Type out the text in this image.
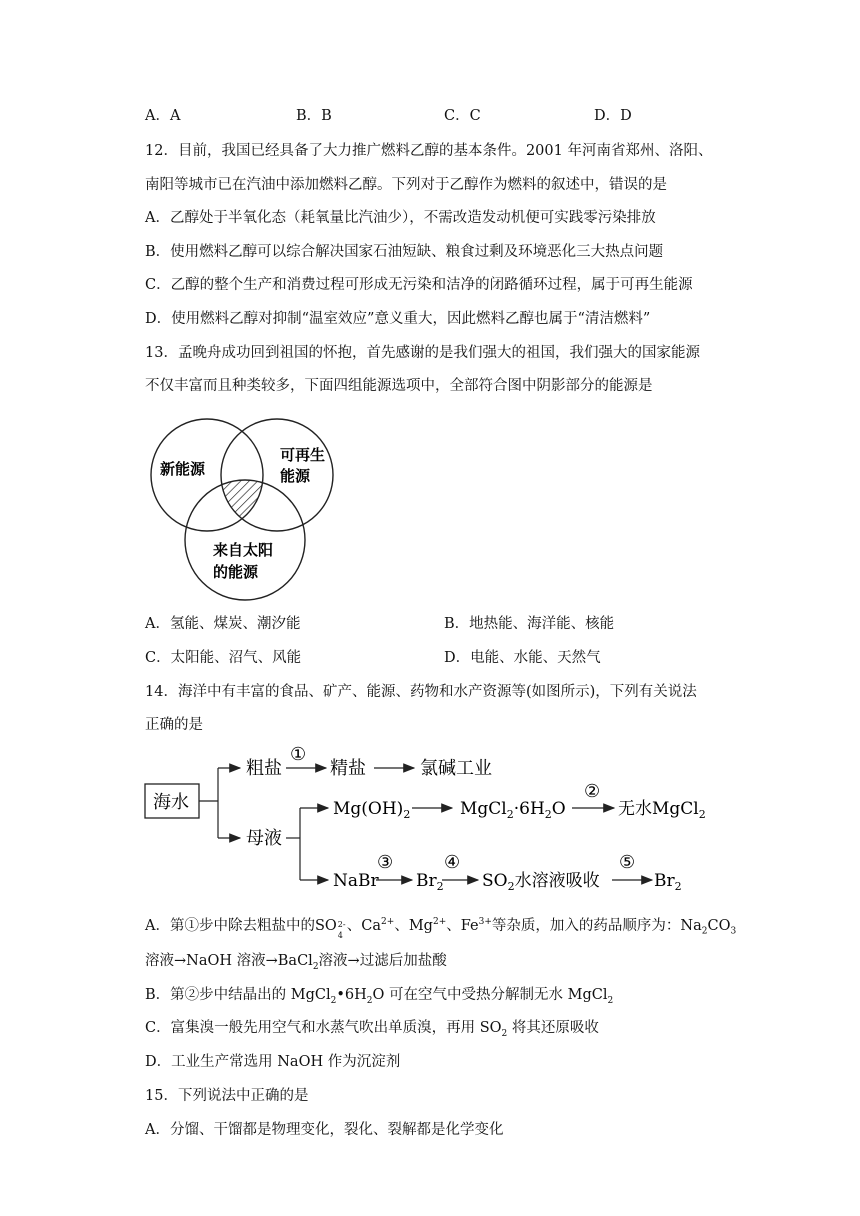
A．A	B．B	C．C	D．D
12．目前，我国已经具备了大力推广燃料乙醇的基本条件。2001 年河南省郑州、洛阳、
南阳等城市已在汽油中添加燃料乙醇。下列对于乙醇作为燃料的叙述中，错误的是
A．乙醇处于半氧化态（耗氧量比汽油少），不需改造发动机便可实践零污染排放
B．使用燃料乙醇可以综合解决国家石油短缺、粮食过剩及环境恶化三大热点问题
C．乙醇的整个生产和消费过程可形成无污染和洁净的闭路循环过程，属于可再生能源
D．使用燃料乙醇对抑制“温室效应”意义重大，因此燃料乙醇也属于“清洁燃料”
13．孟晚舟成功回到祖国的怀抱，首先感谢的是我们强大的祖国，我们强大的国家能源
不仅丰富而且种类较多，下面四组能源选项中，全部符合图中阴影部分的能源是
新能源
可再生
能源
来自太阳
的能源
A．氢能、煤炭、潮汐能	B．地热能、海洋能、核能
C．太阳能、沼气、风能	D．电能、水能、天然气
14．海洋中有丰富的食品、矿产、能源、药物和水产资源等(如图所示)，下列有关说法
正确的是
海水
粗盐
①
精盐	氯碱工业
母液
$Mg(OH)_2$	$MgCl_2\cdot 6H_2O$
②
无水MgCl$_2$
NaBr
③
$Br_2$
④
$SO_2$水溶液吸收
⑤
$Br_2$
A．第①步中除去粗盐中的SO 2-
4
、$Ca^{2+}$、$Mg^{2+}$、$Fe^{3+}$等杂质，加入的药品顺序为：$Na_2CO_3$
溶液→NaOH 溶液→BaCl$_2$溶液→过滤后加盐酸
B．第②步中结晶出的 $MgCl_2•6H_2O$ 可在空气中受热分解制无水 MgCl$_2$
C．富集溴一般先用空气和水蒸气吹出单质溴，再用 $SO_2$ 将其还原吸收
D．工业生产常选用 NaOH 作为沉淀剂
15．下列说法中正确的是
A．分馏、干馏都是物理变化，裂化、裂解都是化学变化
